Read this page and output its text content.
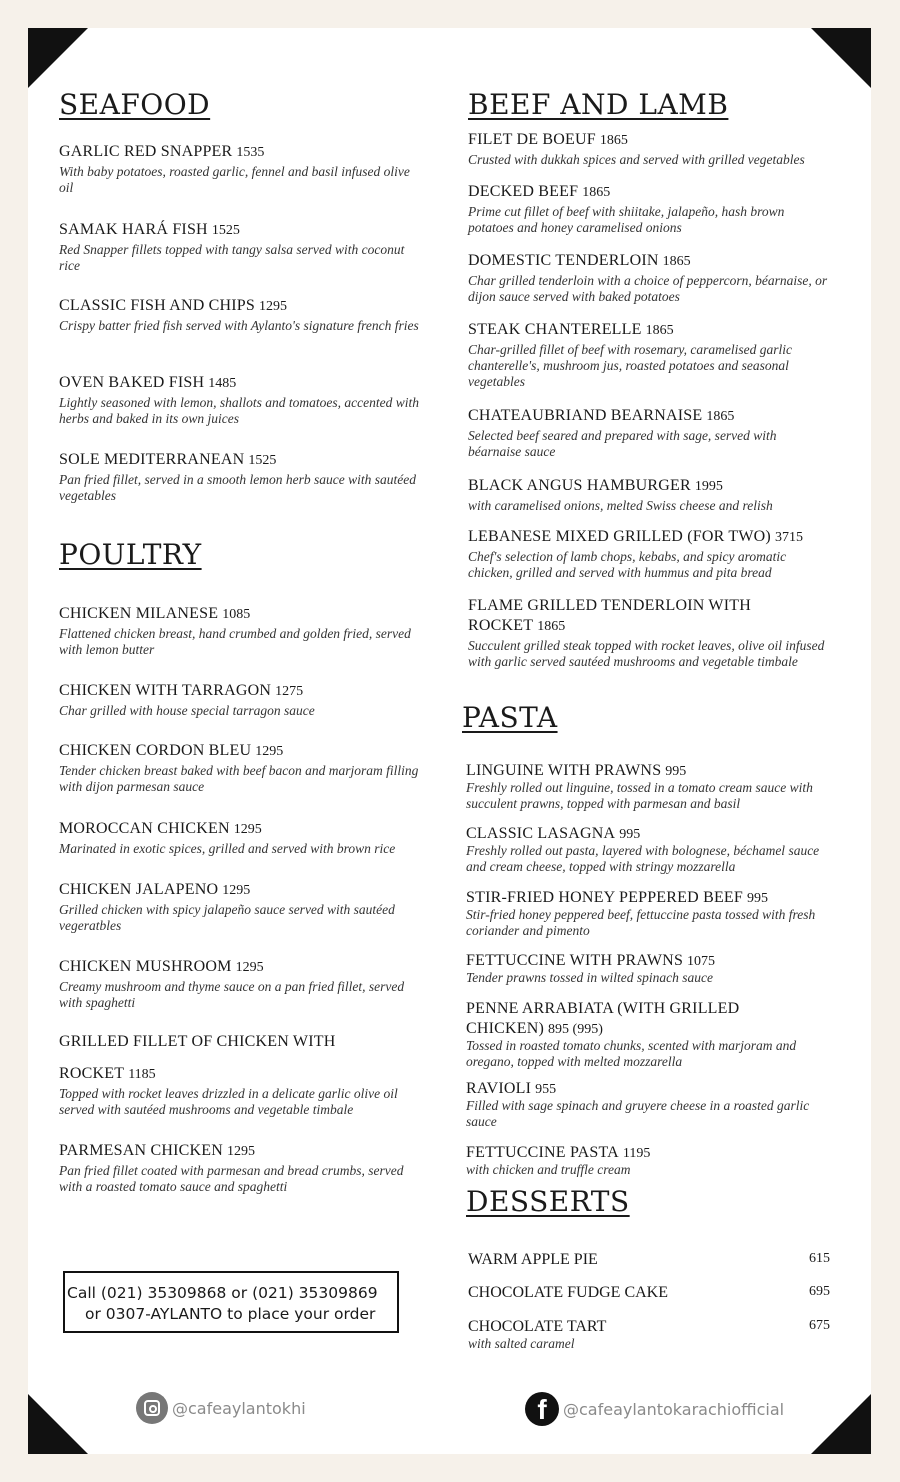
SEAFOOD
GARLIC RED SNAPPER 1535
With baby potatoes, roasted garlic, fennel and basil infused olive oil
SAMAK HARÁ FISH 1525
Red Snapper fillets topped with tangy salsa served with coconut rice
CLASSIC FISH AND CHIPS 1295
Crispy batter fried fish served with Aylanto's signature french fries
OVEN BAKED FISH 1485
Lightly seasoned with lemon, shallots and tomatoes, accented with herbs and baked in its own juices
SOLE MEDITERRANEAN 1525
Pan fried fillet, served in a smooth lemon herb sauce with sautéed vegetables
POULTRY
CHICKEN MILANESE 1085
Flattened chicken breast, hand crumbed and golden fried, served with lemon butter
CHICKEN WITH TARRAGON 1275
Char grilled with house special tarragon sauce
CHICKEN CORDON BLEU 1295
Tender chicken breast baked with beef bacon and marjoram filling with dijon parmesan sauce
MOROCCAN CHICKEN 1295
Marinated in exotic spices, grilled and served with brown rice
CHICKEN JALAPENO 1295
Grilled chicken with spicy jalapeño sauce served with sautéed vegeratbles
CHICKEN MUSHROOM 1295
Creamy mushroom and thyme sauce on a pan fried fillet, served with spaghetti
GRILLED FILLET OF CHICKEN WITH
ROCKET 1185
Topped with rocket leaves drizzled in a delicate garlic olive oil served with sautéed mushrooms and vegetable timbale
PARMESAN CHICKEN 1295
Pan fried fillet coated with parmesan and bread crumbs, served with a roasted tomato sauce and spaghetti
Call (021) 35309868 or (021) 35309869
or 0307-AYLANTO to place your order
BEEF AND LAMB
FILET DE BOEUF 1865
Crusted with dukkah spices and served with grilled vegetables
DECKED BEEF 1865
Prime cut fillet of beef with shiitake, jalapeño, hash brown potatoes and honey caramelised onions
DOMESTIC TENDERLOIN 1865
Char grilled tenderloin with a choice of peppercorn, béarnaise, or dijon sauce served with baked potatoes
STEAK CHANTERELLE 1865
Char-grilled fillet of beef with rosemary, caramelised garlic chanterelle's, mushroom jus, roasted potatoes and seasonal vegetables
CHATEAUBRIAND BEARNAISE 1865
Selected beef seared and prepared with sage, served with béarnaise sauce
BLACK ANGUS HAMBURGER 1995
with caramelised onions, melted Swiss cheese and relish
LEBANESE MIXED GRILLED (FOR TWO) 3715
Chef's selection of lamb chops, kebabs, and spicy aromatic chicken, grilled and served with hummus and pita bread
FLAME GRILLED TENDERLOIN WITH ROCKET 1865
Succulent grilled steak topped with rocket leaves, olive oil infused with garlic served sautéed mushrooms and vegetable timbale
PASTA
LINGUINE WITH PRAWNS 995
Freshly rolled out linguine, tossed in a tomato cream sauce with succulent prawns, topped with parmesan and basil
CLASSIC LASAGNA 995
Freshly rolled out pasta, layered with bolognese, béchamel sauce and cream cheese, topped with stringy mozzarella
STIR-FRIED HONEY PEPPERED BEEF 995
Stir-fried honey peppered beef, fettuccine pasta tossed with fresh coriander and pimento
FETTUCCINE WITH PRAWNS 1075
Tender prawns tossed in wilted spinach sauce
PENNE ARRABIATA (WITH GRILLED CHICKEN) 895 (995)
Tossed in roasted tomato chunks, scented with marjoram and oregano, topped with melted mozzarella
RAVIOLI 955
Filled with sage spinach and gruyere cheese in a roasted garlic sauce
FETTUCCINE PASTA 1195
with chicken and truffle cream
DESSERTS
WARM APPLE PIE	615
CHOCOLATE FUDGE CAKE	695
CHOCOLATE TART	675
with salted caramel
@cafeaylantokhi	f	@cafeaylantokarachiofficial
